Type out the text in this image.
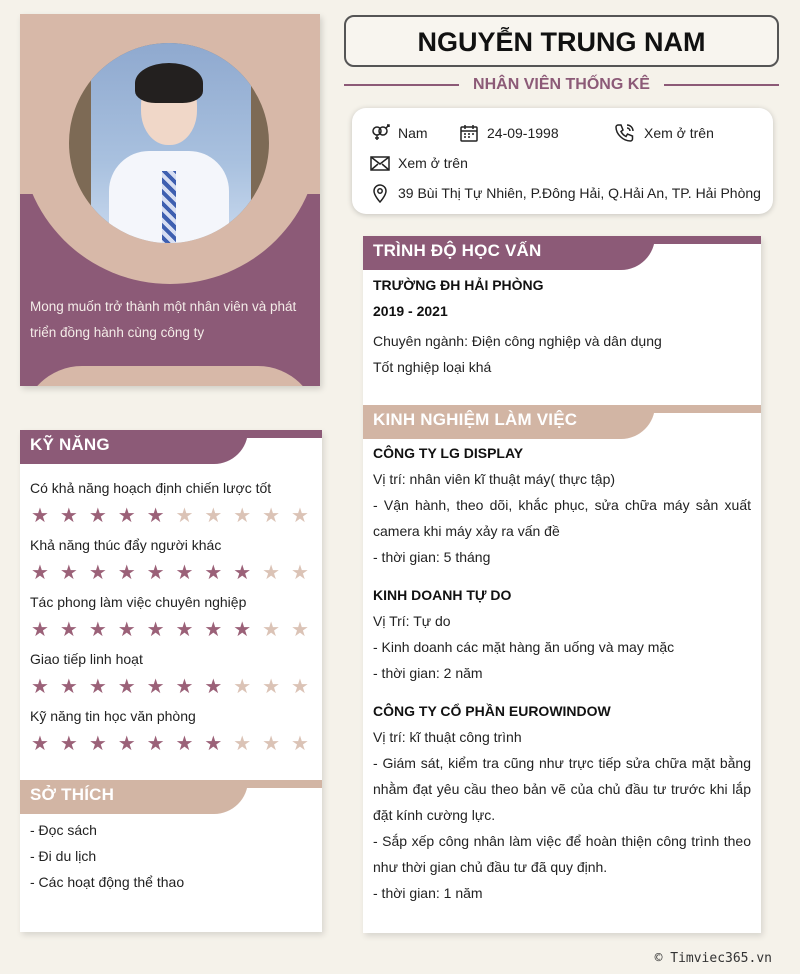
Mong muốn trở thành một nhân viên và phát triển đồng hành cùng công ty

KỸ NĂNG
Có khả năng hoạch định chiến lược tốt
★ ★ ★ ★ ★ ★ ★ ★ ★ ★
Khả năng thúc đẩy người khác
★ ★ ★ ★ ★ ★ ★ ★ ★ ★
Tác phong làm việc chuyên nghiệp
★ ★ ★ ★ ★ ★ ★ ★ ★ ★
Giao tiếp linh hoạt
★ ★ ★ ★ ★ ★ ★ ★ ★ ★
Kỹ năng tin học văn phòng
★ ★ ★ ★ ★ ★ ★ ★ ★ ★
SỞ THÍCH
- Đọc sách
- Đi du lịch
- Các hoạt động thể thao
NGUYỄN TRUNG NAM
NHÂN VIÊN THỐNG KÊ
Nam	24-09-1998	Xem ở trên
Xem ở trên
39 Bùi Thị Tự Nhiên, P.Đông Hải, Q.Hải An, TP. Hải Phòng
TRÌNH ĐỘ HỌC VẤN
TRƯỜNG ĐH HẢI PHÒNG
2019 - 2021
Chuyên ngành: Điện công nghiệp và dân dụng
Tốt nghiệp loại khá
KINH NGHIỆM LÀM VIỆC
CÔNG TY LG DISPLAY
Vị trí: nhân viên kĩ thuật máy( thực tập)
- Vận hành, theo dõi, khắc phục, sửa chữa máy sản xuất camera khi máy xảy ra vấn đề
- thời gian: 5 tháng
KINH DOANH TỰ DO
Vị Trí: Tự do
- Kinh doanh các mặt hàng ăn uống và may mặc
- thời gian: 2 năm
CÔNG TY CỔ PHẦN EUROWINDOW
Vị trí: kĩ thuật công trình
- Giám sát, kiểm tra cũng như trực tiếp sửa chữa mặt bằng nhằm đạt yêu cầu theo bản vẽ của chủ đầu tư trước khi lắp đặt kính cường lực.
- Sắp xếp công nhân làm việc để hoàn thiện công trình theo như thời gian chủ đầu tư đã quy định.
- thời gian: 1 năm
© Timviec365.vn
